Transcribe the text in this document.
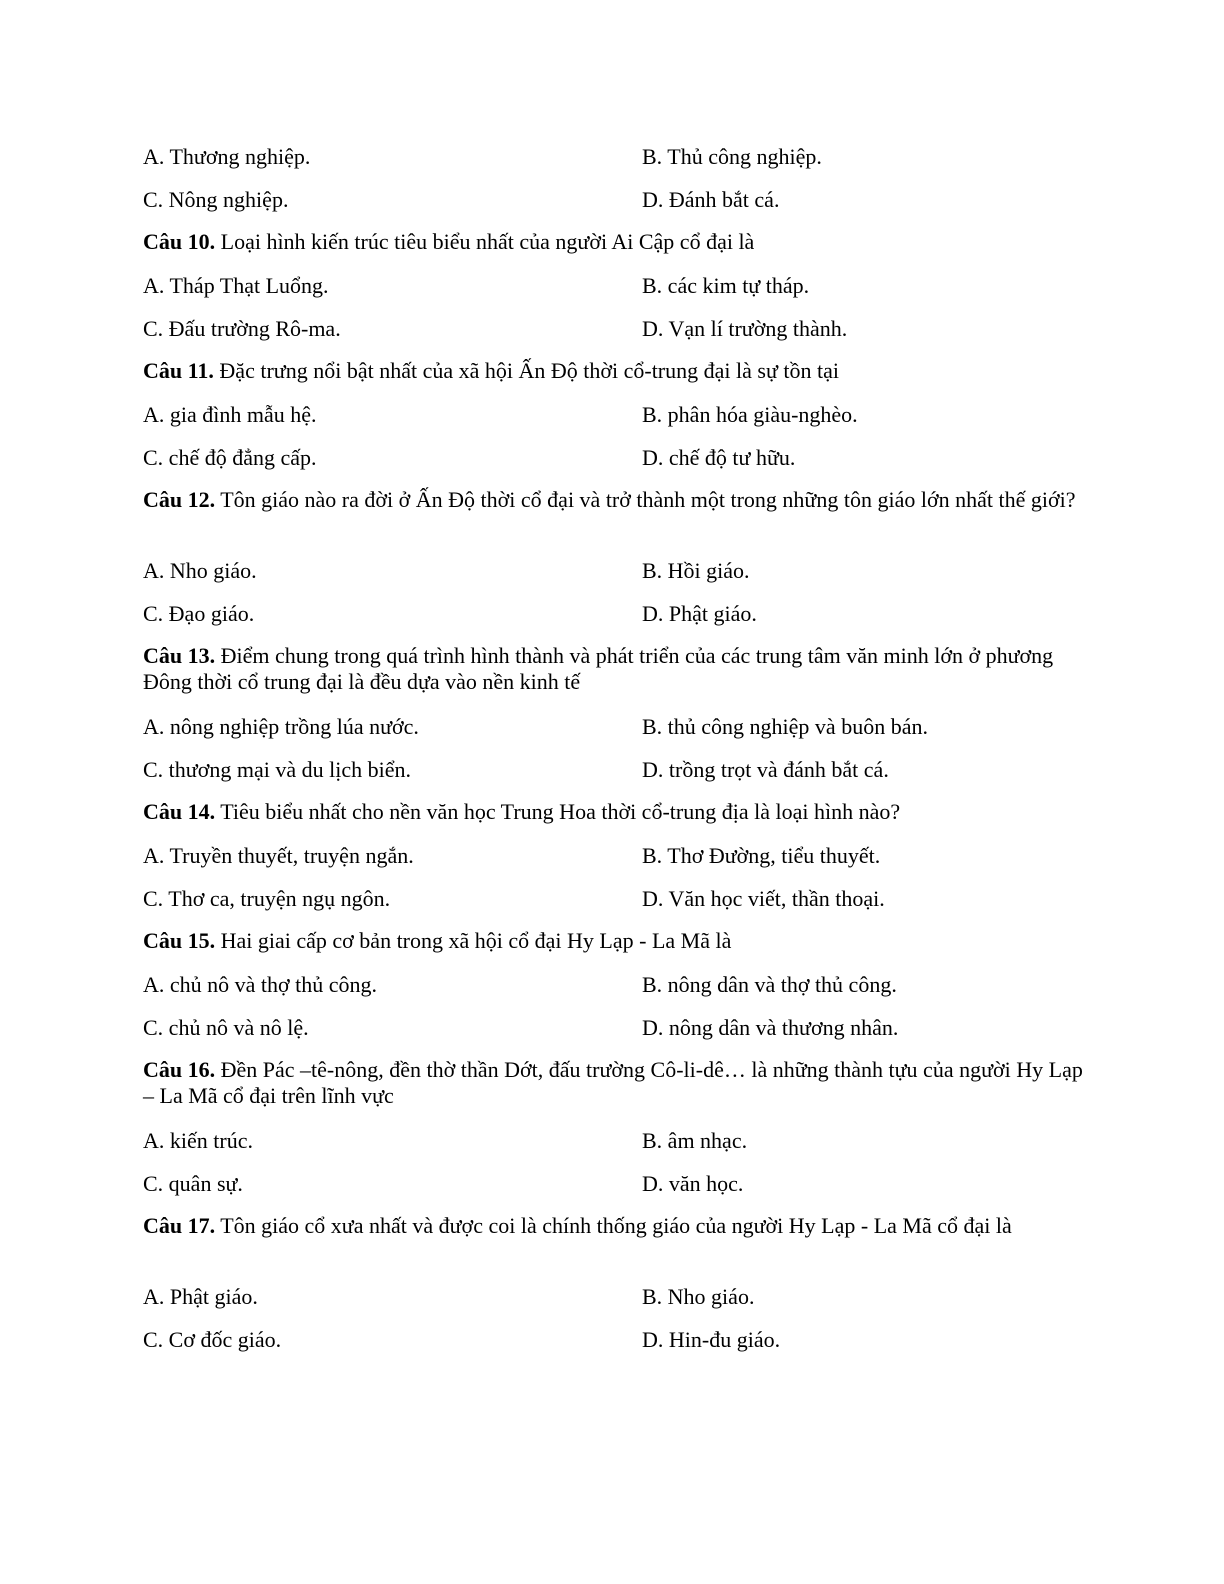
A. Thương nghiệp.	B. Thủ công nghiệp.
C. Nông nghiệp.	D. Đánh bắt cá.

Câu 10. Loại hình kiến trúc tiêu biểu nhất của người Ai Cập cổ đại là

A. Tháp Thạt Luổng.	B. các kim tự tháp.
C. Đấu trường Rô-ma.	D. Vạn lí trường thành.

Câu 11. Đặc trưng nổi bật nhất của xã hội Ấn Độ thời cổ-trung đại là sự tồn tại

A. gia đình mẫu hệ.	B. phân hóa giàu-nghèo.
C. chế độ đẳng cấp.	D. chế độ tư hữu.

Câu 12. Tôn giáo nào ra đời ở Ấn Độ thời cổ đại và trở thành một trong những tôn giáo lớn nhất thế giới?

A. Nho giáo.	B. Hồi giáo.
C. Đạo giáo.	D. Phật giáo.

Câu 13. Điểm chung trong quá trình hình thành và phát triển của các trung tâm văn minh lớn ở phương Đông thời cổ trung đại là đều dựa vào nền kinh tế

A. nông nghiệp trồng lúa nước.	B. thủ công nghiệp và buôn bán.
C. thương mại và du lịch biển.	D. trồng trọt và đánh bắt cá.

Câu 14. Tiêu biểu nhất cho nền văn học Trung Hoa thời cổ-trung địa là loại hình nào?

A. Truyền thuyết, truyện ngắn.	B. Thơ Đường, tiểu thuyết.
C. Thơ ca, truyện ngụ ngôn.	D. Văn học viết, thần thoại.

Câu 15. Hai giai cấp cơ bản trong xã hội cổ đại Hy Lạp - La Mã là

A. chủ nô và thợ thủ công.	B. nông dân và thợ thủ công.
C. chủ nô và nô lệ.	D. nông dân và thương nhân.

Câu 16. Đền Pác –tê-nông, đền thờ thần Dớt, đấu trường Cô-li-dê… là những thành tựu của người Hy Lạp – La Mã cổ đại trên lĩnh vực

A. kiến trúc.	B. âm nhạc.
C. quân sự.	D. văn học.

Câu 17. Tôn giáo cổ xưa nhất và được coi là chính thống giáo của người Hy Lạp - La Mã cổ đại là

A. Phật giáo.	B. Nho giáo.
C. Cơ đốc giáo.	D. Hin-đu giáo.
